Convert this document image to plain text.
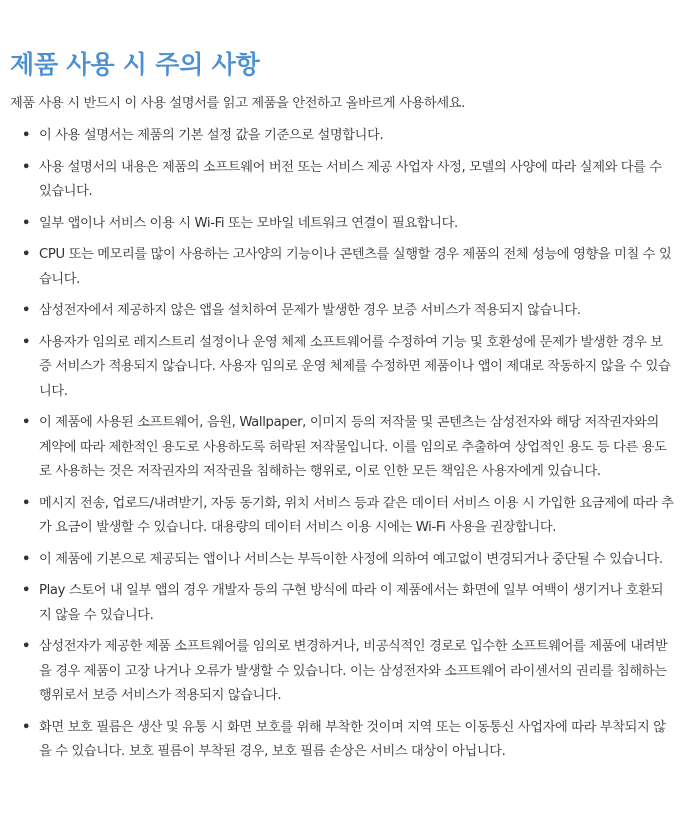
제품 사용 시 주의 사항

제품 사용 시 반드시 이 사용 설명서를 읽고 제품을 안전하고 올바르게 사용하세요.

• 이 사용 설명서는 제품의 기본 설정 값을 기준으로 설명합니다.
• 사용 설명서의 내용은 제품의 소프트웨어 버전 또는 서비스 제공 사업자 사정, 모델의 사양에 따라 실제와 다를 수 있습니다.
• 일부 앱이나 서비스 이용 시 Wi-Fi 또는 모바일 네트워크 연결이 필요합니다.
• CPU 또는 메모리를 많이 사용하는 고사양의 기능이나 콘텐츠를 실행할 경우 제품의 전체 성능에 영향을 미칠 수 있습니다.
• 삼성전자에서 제공하지 않은 앱을 설치하여 문제가 발생한 경우 보증 서비스가 적용되지 않습니다.
• 사용자가 임의로 레지스트리 설정이나 운영 체제 소프트웨어를 수정하여 기능 및 호환성에 문제가 발생한 경우 보증 서비스가 적용되지 않습니다. 사용자 임의로 운영 체제를 수정하면 제품이나 앱이 제대로 작동하지 않을 수 있습니다.
• 이 제품에 사용된 소프트웨어, 음원, Wallpaper, 이미지 등의 저작물 및 콘텐츠는 삼성전자와 해당 저작권자와의 계약에 따라 제한적인 용도로 사용하도록 허락된 저작물입니다. 이를 임의로 추출하여 상업적인 용도 등 다른 용도로 사용하는 것은 저작권자의 저작권을 침해하는 행위로, 이로 인한 모든 책임은 사용자에게 있습니다.
• 메시지 전송, 업로드/내려받기, 자동 동기화, 위치 서비스 등과 같은 데이터 서비스 이용 시 가입한 요금제에 따라 추가 요금이 발생할 수 있습니다. 대용량의 데이터 서비스 이용 시에는 Wi-Fi 사용을 권장합니다.
• 이 제품에 기본으로 제공되는 앱이나 서비스는 부득이한 사정에 의하여 예고없이 변경되거나 중단될 수 있습니다.
• Play 스토어 내 일부 앱의 경우 개발자 등의 구현 방식에 따라 이 제품에서는 화면에 일부 여백이 생기거나 호환되지 않을 수 있습니다.
• 삼성전자가 제공한 제품 소프트웨어를 임의로 변경하거나, 비공식적인 경로로 입수한 소프트웨어를 제품에 내려받을 경우 제품이 고장 나거나 오류가 발생할 수 있습니다. 이는 삼성전자와 소프트웨어 라이센서의 권리를 침해하는 행위로서 보증 서비스가 적용되지 않습니다.
• 화면 보호 필름은 생산 및 유통 시 화면 보호를 위해 부착한 것이며 지역 또는 이동통신 사업자에 따라 부착되지 않을 수 있습니다. 보호 필름이 부착된 경우, 보호 필름 손상은 서비스 대상이 아닙니다.
